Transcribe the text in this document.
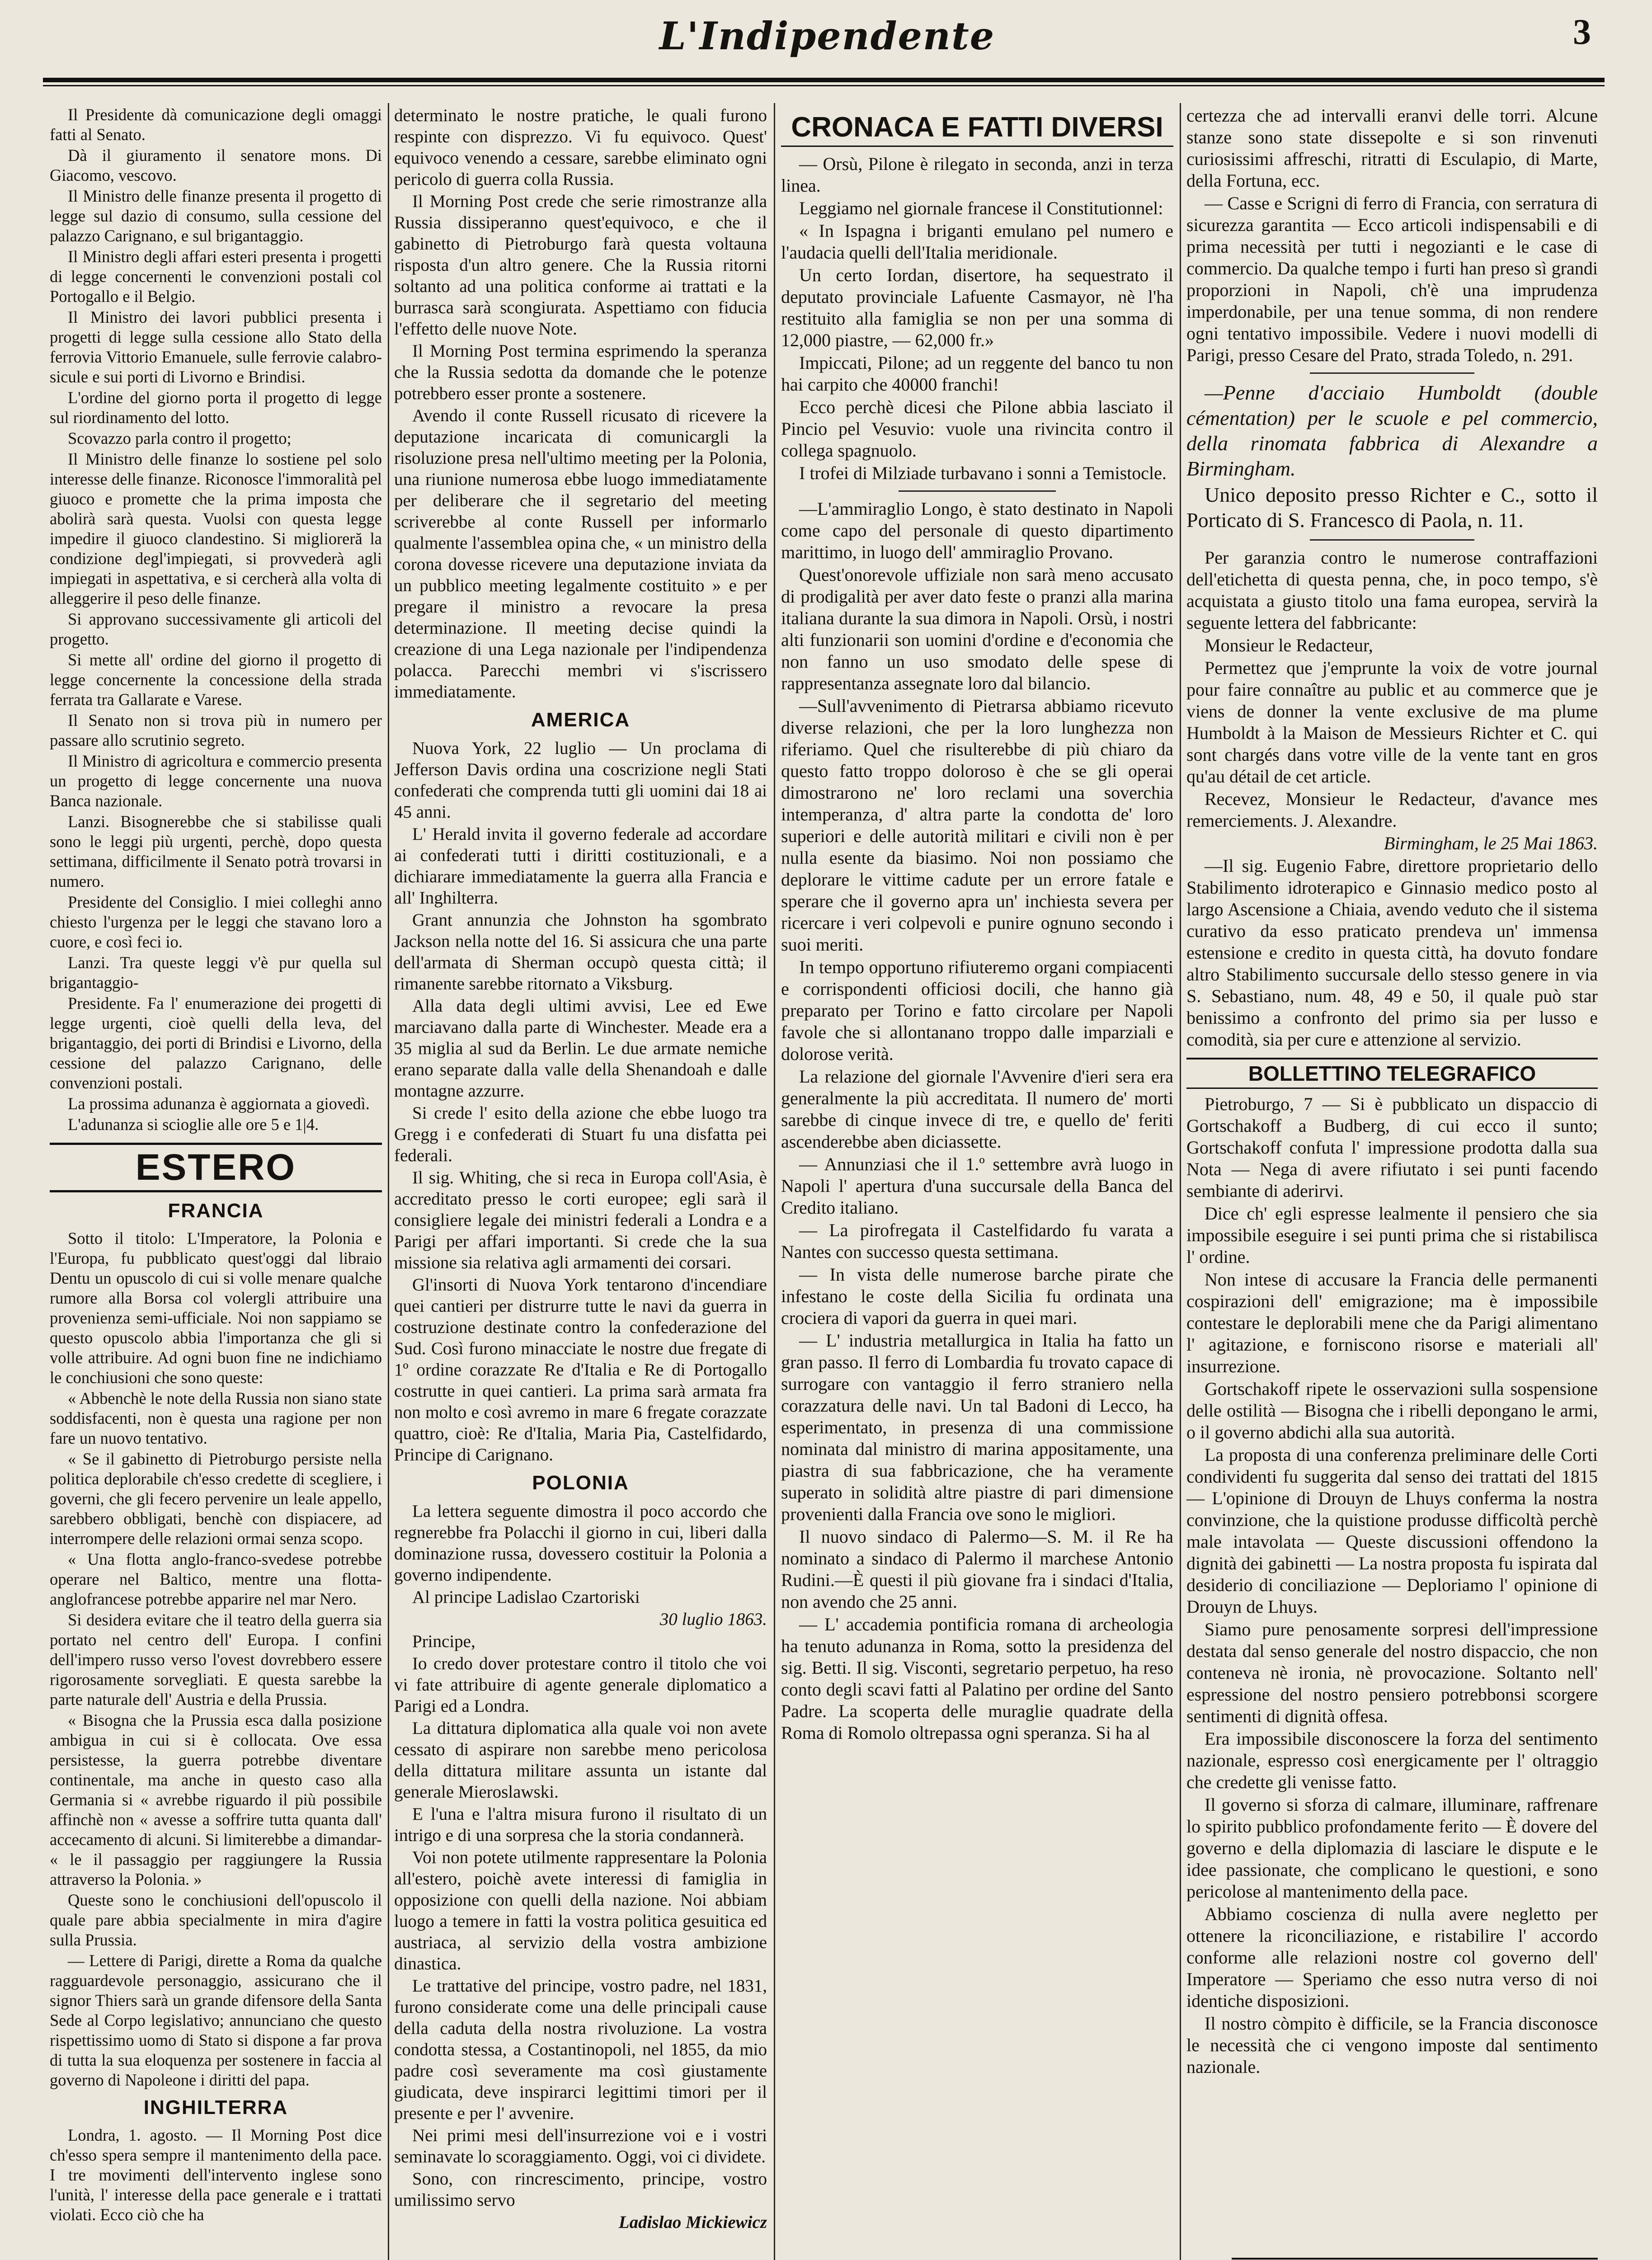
L'Indipendente	3

Il Presidente dà comunicazione degli omaggi fatti al Senato.

Dà il giuramento il senatore mons. Di Giacomo, vescovo.

Il Ministro delle finanze presenta il progetto di legge sul dazio di consumo, sulla cessione del palazzo Carignano, e sul brigantaggio.

Il Ministro degli affari esteri presenta i progetti di legge concernenti le convenzioni postali col Portogallo e il Belgio.

Il Ministro dei lavori pubblici presenta i progetti di legge sulla cessione allo Stato della ferrovia Vittorio Emanuele, sulle ferrovie calabro-sicule e sui porti di Livorno e Brindisi.

L'ordine del giorno porta il progetto di legge sul riordinamento del lotto.

Scovazzo parla contro il progetto;

Il Ministro delle finanze lo sostiene pel solo interesse delle finanze. Riconosce l'immoralità pel giuoco e promette che la prima imposta che abolirà sarà questa. Vuolsi con questa legge impedire il giuoco clandestino. Si miglioreră la condizione degl'impiegati, si provvederà agli impiegati in aspettativa, e si cercherà alla volta di alleggerire il peso delle finanze.

Si approvano successivamente gli articoli del progetto.

Si mette all' ordine del giorno il progetto di legge concernente la concessione della strada ferrata tra Gallarate e Varese.

Il Senato non si trova più in numero per passare allo scrutinio segreto.

Il Ministro di agricoltura e commercio presenta un progetto di legge concernente una nuova Banca nazionale.

Lanzi. Bisognerebbe che si stabilisse quali sono le leggi più urgenti, perchè, dopo questa settimana, difficilmente il Senato potrà trovarsi in numero.

Presidente del Consiglio. I miei colleghi anno chiesto l'urgenza per le leggi che stavano loro a cuore, e così feci io.

Lanzi. Tra queste leggi v'è pur quella sul brigantaggio-

Presidente. Fa l' enumerazione dei progetti di legge urgenti, cioè quelli della leva, del brigantaggio, dei porti di Brindisi e Livorno, della cessione del palazzo Carignano, delle convenzioni postali.

La prossima adunanza è aggiornata a giovedì.

L'adunanza si scioglie alle ore 5 e 1|4.

ESTERO
FRANCIA

Sotto il titolo: L'Imperatore, la Polonia e l'Europa, fu pubblicato quest'oggi dal libraio Dentu un opuscolo di cui si volle menare qualche rumore alla Borsa col volergli attribuire una provenienza semi-ufficiale. Noi non sappiamo se questo opuscolo abbia l'importanza che gli si volle attribuire. Ad ogni buon fine ne indichiamo le conchiusioni che sono queste:

« Abbenchè le note della Russia non siano state soddisfacenti, non è questa una ragione per non fare un nuovo tentativo.

« Se il gabinetto di Pietroburgo persiste nella politica deplorabile ch'esso credette di scegliere, i governi, che gli fecero pervenire un leale appello, sarebbero obbligati, benchè con dispiacere, ad interrompere delle relazioni ormai senza scopo.

« Una flotta anglo-franco-svedese potrebbe operare nel Baltico, mentre una flotta-anglofrancese potrebbe apparire nel mar Nero.

Si desidera evitare che il teatro della guerra sia portato nel centro dell' Europa. I confini dell'impero russo verso l'ovest dovrebbero essere rigorosamente sorvegliati. E questa sarebbe la parte naturale dell' Austria e della Prussia.

« Bisogna che la Prussia esca dalla posizione ambigua in cui si è collocata. Ove essa persistesse, la guerra potrebbe diventare continentale, ma anche in questo caso alla Germania si « avrebbe riguardo il più possibile affinchè non « avesse a soffrire tutta quanta dall' accecamento di alcuni. Si limiterebbe a dimandar- « le il passaggio per raggiungere la Russia attraverso la Polonia. »

Queste sono le conchiusioni dell'opuscolo il quale pare abbia specialmente in mira d'agire sulla Prussia.

— Lettere di Parigi, dirette a Roma da qualche ragguardevole personaggio, assicurano che il signor Thiers sarà un grande difensore della Santa Sede al Corpo legislativo; annunciano che questo rispettissimo uomo di Stato si dispone a far prova di tutta la sua eloquenza per sostenere in faccia al governo di Napoleone i diritti del papa.

INGHILTERRA

Londra, 1. agosto. — Il Morning Post dice ch'esso spera sempre il mantenimento della pace. I tre movimenti dell'intervento inglese sono l'unità, l' interesse della pace generale e i trattati violati. Ecco ciò che ha

determinato le nostre pratiche, le quali furono respinte con disprezzo. Vi fu equivoco. Quest' equivoco venendo a cessare, sarebbe eliminato ogni pericolo di guerra colla Russia.

Il Morning Post crede che serie rimostranze alla Russia dissiperanno quest'equivoco, e che il gabinetto di Pietroburgo farà questa voltauna risposta d'un altro genere. Che la Russia ritorni soltanto ad una politica conforme ai trattati e la burrasca sarà scongiurata. Aspettiamo con fiducia l'effetto delle nuove Note.

Il Morning Post termina esprimendo la speranza che la Russia sedotta da domande che le potenze potrebbero esser pronte a sostenere.

Avendo il conte Russell ricusato di ricevere la deputazione incaricata di comunicargli la risoluzione presa nell'ultimo meeting per la Polonia, una riunione numerosa ebbe luogo immediatamente per deliberare che il segretario del meeting scriverebbe al conte Russell per informarlo qualmente l'assemblea opina che, « un ministro della corona dovesse ricevere una deputazione inviata da un pubblico meeting legalmente costituito » e per pregare il ministro a revocare la presa determinazione. Il meeting decise quindi la creazione di una Lega nazionale per l'indipendenza polacca. Parecchi membri vi s'iscrissero immediatamente.

AMERICA

Nuova York, 22 luglio — Un proclama di Jefferson Davis ordina una coscrizione negli Stati confederati che comprenda tutti gli uomini dai 18 ai 45 anni.

L' Herald invita il governo federale ad accordare ai confederati tutti i diritti costituzionali, e a dichiarare immediatamente la guerra alla Francia e all' Inghilterra.

Grant annunzia che Johnston ha sgombrato Jackson nella notte del 16. Si assicura che una parte dell'armata di Sherman occupò questa città; il rimanente sarebbe ritornato a Viksburg.

Alla data degli ultimi avvisi, Lee ed Ewe marciavano dalla parte di Winchester. Meade era a 35 miglia al sud da Berlin. Le due armate nemiche erano separate dalla valle della Shenandoah e dalle montagne azzurre.

Si crede l' esito della azione che ebbe luogo tra Gregg i e confederati di Stuart fu una disfatta pei federali.

Il sig. Whiting, che si reca in Europa coll'Asia, è accreditato presso le corti europee; egli sarà il consigliere legale dei ministri federali a Londra e a Parigi per affari importanti. Si crede che la sua missione sia relativa agli armamenti dei corsari.

Gl'insorti di Nuova York tentarono d'incendiare quei cantieri per distrurre tutte le navi da guerra in costruzione destinate contro la confederazione del Sud. Così furono minacciate le nostre due fregate di 1º ordine corazzate Re d'Italia e Re di Portogallo costrutte in quei cantieri. La prima sarà armata fra non molto e così avremo in mare 6 fregate corazzate quattro, cioè: Re d'Italia, Maria Pia, Castelfidardo, Principe di Carignano.

POLONIA

La lettera seguente dimostra il poco accordo che regnerebbe fra Polacchi il giorno in cui, liberi dalla dominazione russa, dovessero costituir la Polonia a governo indipendente.

Al principe Ladislao Czartoriski

30 luglio 1863.

Principe,

Io credo dover protestare contro il titolo che voi vi fate attribuire di agente generale diplomatico a Parigi ed a Londra.

La dittatura diplomatica alla quale voi non avete cessato di aspirare non sarebbe meno pericolosa della dittatura militare assunta un istante dal generale Mieroslawski.

E l'una e l'altra misura furono il risultato di un intrigo e di una sorpresa che la storia condannerà.

Voi non potete utilmente rappresentare la Polonia all'estero, poichè avete interessi di famiglia in opposizione con quelli della nazione. Noi abbiam luogo a temere in fatti la vostra politica gesuitica ed austriaca, al servizio della vostra ambizione dinastica.

Le trattative del principe, vostro padre, nel 1831, furono considerate come una delle principali cause della caduta della nostra rivoluzione. La vostra condotta stessa, a Costantinopoli, nel 1855, da mio padre così severamente ma così giustamente giudicata, deve inspirarci legittimi timori per il presente e per l' avvenire.

Nei primi mesi dell'insurrezione voi e i vostri seminavate lo scoraggiamento. Oggi, voi ci dividete.

Sono, con rincrescimento, principe, vostro umilissimo servo

Ladislao Mickiewicz

CRONACA E FATTI DIVERSI

— Orsù, Pilone è rilegato in seconda, anzi in terza linea.

Leggiamo nel giornale francese il Constitutionnel:

« In Ispagna i briganti emulano pel numero e l'audacia quelli dell'Italia meridionale.

Un certo Iordan, disertore, ha sequestrato il deputato provinciale Lafuente Casmayor, nè l'ha restituito alla famiglia se non per una somma di 12,000 piastre, — 62,000 fr.»

Impiccati, Pilone; ad un reggente del banco tu non hai carpito che 40000 franchi!

Ecco perchè dicesi che Pilone abbia lasciato il Pincio pel Vesuvio: vuole una rivincita contro il collega spagnuolo.

I trofei di Milziade turbavano i sonni a Temistocle.

—L'ammiraglio Longo, è stato destinato in Napoli come capo del personale di questo dipartimento marittimo, in luogo dell' ammiraglio Provano.

Quest'onorevole uffiziale non sarà meno accusato di prodigalità per aver dato feste o pranzi alla marina italiana durante la sua dimora in Napoli. Orsù, i nostri alti funzionarii son uomini d'ordine e d'economia che non fanno un uso smodato delle spese di rappresentanza assegnate loro dal bilancio.

—Sull'avvenimento di Pietrarsa abbiamo ricevuto diverse relazioni, che per la loro lunghezza non riferiamo. Quel che risulterebbe di più chiaro da questo fatto troppo doloroso è che se gli operai dimostrarono ne' loro reclami una soverchia intemperanza, d' altra parte la condotta de' loro superiori e delle autorità militari e civili non è per nulla esente da biasimo. Noi non possiamo che deplorare le vittime cadute per un errore fatale e sperare che il governo apra un' inchiesta severa per ricercare i veri colpevoli e punire ognuno secondo i suoi meriti.

In tempo opportuno rifiuteremo organi compiacenti e corrispondenti officiosi docili, che hanno già preparato per Torino e fatto circolare per Napoli favole che si allontanano troppo dalle imparziali e dolorose verità.

La relazione del giornale l'Avvenire d'ieri sera era generalmente la più accreditata. Il numero de' morti sarebbe di cinque invece di tre, e quello de' feriti ascenderebbe aben diciassette.

— Annunziasi che il 1.º settembre avrà luogo in Napoli l' apertura d'una succursale della Banca del Credito italiano.

— La pirofregata il Castelfidardo fu varata a Nantes con successo questa settimana.

— In vista delle numerose barche pirate che infestano le coste della Sicilia fu ordinata una crociera di vapori da guerra in quei mari.

— L' industria metallurgica in Italia ha fatto un gran passo. Il ferro di Lombardia fu trovato capace di surrogare con vantaggio il ferro straniero nella corazzatura delle navi. Un tal Badoni di Lecco, ha esperimentato, in presenza di una commissione nominata dal ministro di marina appositamente, una piastra di sua fabbricazione, che ha veramente superato in solidità altre piastre di pari dimensione provenienti dalla Francia ove sono le migliori.

Il nuovo sindaco di Palermo—S. M. il Re ha nominato a sindaco di Palermo il marchese Antonio Rudini.—È questi il più giovane fra i sindaci d'Italia, non avendo che 25 anni.

— L' accademia pontificia romana di archeologia ha tenuto adunanza in Roma, sotto la presidenza del sig. Betti. Il sig. Visconti, segretario perpetuo, ha reso conto degli scavi fatti al Palatino per ordine del Santo Padre. La scoperta delle muraglie quadrate della Roma di Romolo oltrepassa ogni speranza. Si ha al

certezza che ad intervalli eranvi delle torri. Alcune stanze sono state dissepolte e si son rinvenuti curiosissimi affreschi, ritratti di Esculapio, di Marte, della Fortuna, ecc.

— Casse e Scrigni di ferro di Francia, con serratura di sicurezza garantita — Ecco articoli indispensabili e di prima necessità per tutti i negozianti e le case di commercio. Da qualche tempo i furti han preso sì grandi proporzioni in Napoli, ch'è una imprudenza imperdonabile, per una tenue somma, di non rendere ogni tentativo impossibile. Vedere i nuovi modelli di Parigi, presso Cesare del Prato, strada Toledo, n. 291.

—Penne d'acciaio Humboldt (double cémentation) per le scuole e pel commercio, della rinomata fabbrica di Alexandre a Birmingham.

Unico deposito presso Richter e C., sotto il Porticato di S. Francesco di Paola, n. 11.

Per garanzia contro le numerose contraffazioni dell'etichetta di questa penna, che, in poco tempo, s'è acquistata a giusto titolo una fama europea, servirà la seguente lettera del fabbricante:

Monsieur le Redacteur,

Permettez que j'emprunte la voix de votre journal pour faire connaître au public et au commerce que je viens de donner la vente exclusive de ma plume Humboldt à la Maison de Messieurs Richter et C. qui sont chargés dans votre ville de la vente tant en gros qu'au détail de cet article.

Recevez, Monsieur le Redacteur, d'avance mes remerciements. J. Alexandre.

Birmingham, le 25 Mai 1863.

—Il sig. Eugenio Fabre, direttore proprietario dello Stabilimento idroterapico e Ginnasio medico posto al largo Ascensione a Chiaia, avendo veduto che il sistema curativo da esso praticato prendeva un' immensa estensione e credito in questa città, ha dovuto fondare altro Stabilimento succursale dello stesso genere in via S. Sebastiano, num. 48, 49 e 50, il quale può star benissimo a confronto del primo sia per lusso e comodità, sia per cure e attenzione al servizio.

BOLLETTINO TELEGRAFICO

Pietroburgo, 7 — Si è pubblicato un dispaccio di Gortschakoff a Budberg, di cui ecco il sunto; Gortschakoff confuta l' impressione prodotta dalla sua Nota — Nega di avere rifiutato i sei punti facendo sembiante di aderirvi.

Dice ch' egli espresse lealmente il pensiero che sia impossibile eseguire i sei punti prima che si ristabilisca l' ordine.

Non intese di accusare la Francia delle permanenti cospirazioni dell' emigrazione; ma è impossibile contestare le deplorabili mene che da Parigi alimentano l' agitazione, e forniscono risorse e materiali all' insurrezione.

Gortschakoff ripete le osservazioni sulla sospensione delle ostilità — Bisogna che i ribelli depongano le armi, o il governo abdichi alla sua autorità.

La proposta di una conferenza preliminare delle Corti condividenti fu suggerita dal senso dei trattati del 1815 — L'opinione di Drouyn de Lhuys conferma la nostra convinzione, che la quistione produsse difficoltà perchè male intavolata — Queste discussioni offendono la dignità dei gabinetti — La nostra proposta fu ispirata dal desiderio di conciliazione — Deploriamo l' opinione di Drouyn de Lhuys.

Siamo pure penosamente sorpresi dell'impressione destata dal senso generale del nostro dispaccio, che non conteneva nè ironia, nè provocazione. Soltanto nell' espressione del nostro pensiero potrebbonsi scorgere sentimenti di dignità offesa.

Era impossibile disconoscere la forza del sentimento nazionale, espresso così energicamente per l' oltraggio che credette gli venisse fatto.

Il governo si sforza di calmare, illuminare, raffrenare lo spirito pubblico profondamente ferito — È dovere del governo e della diplomazia di lasciare le dispute e le idee passionate, che complicano le questioni, e sono pericolose al mantenimento della pace.

Abbiamo coscienza di nulla avere negletto per ottenere la riconciliazione, e ristabilire l' accordo conforme alle relazioni nostre col governo dell' Imperatore — Speriamo che esso nutra verso di noi identiche disposizioni.

Il nostro còmpito è difficile, se la Francia disconosce le necessità che ci vengono imposte dal sentimento nazionale.
